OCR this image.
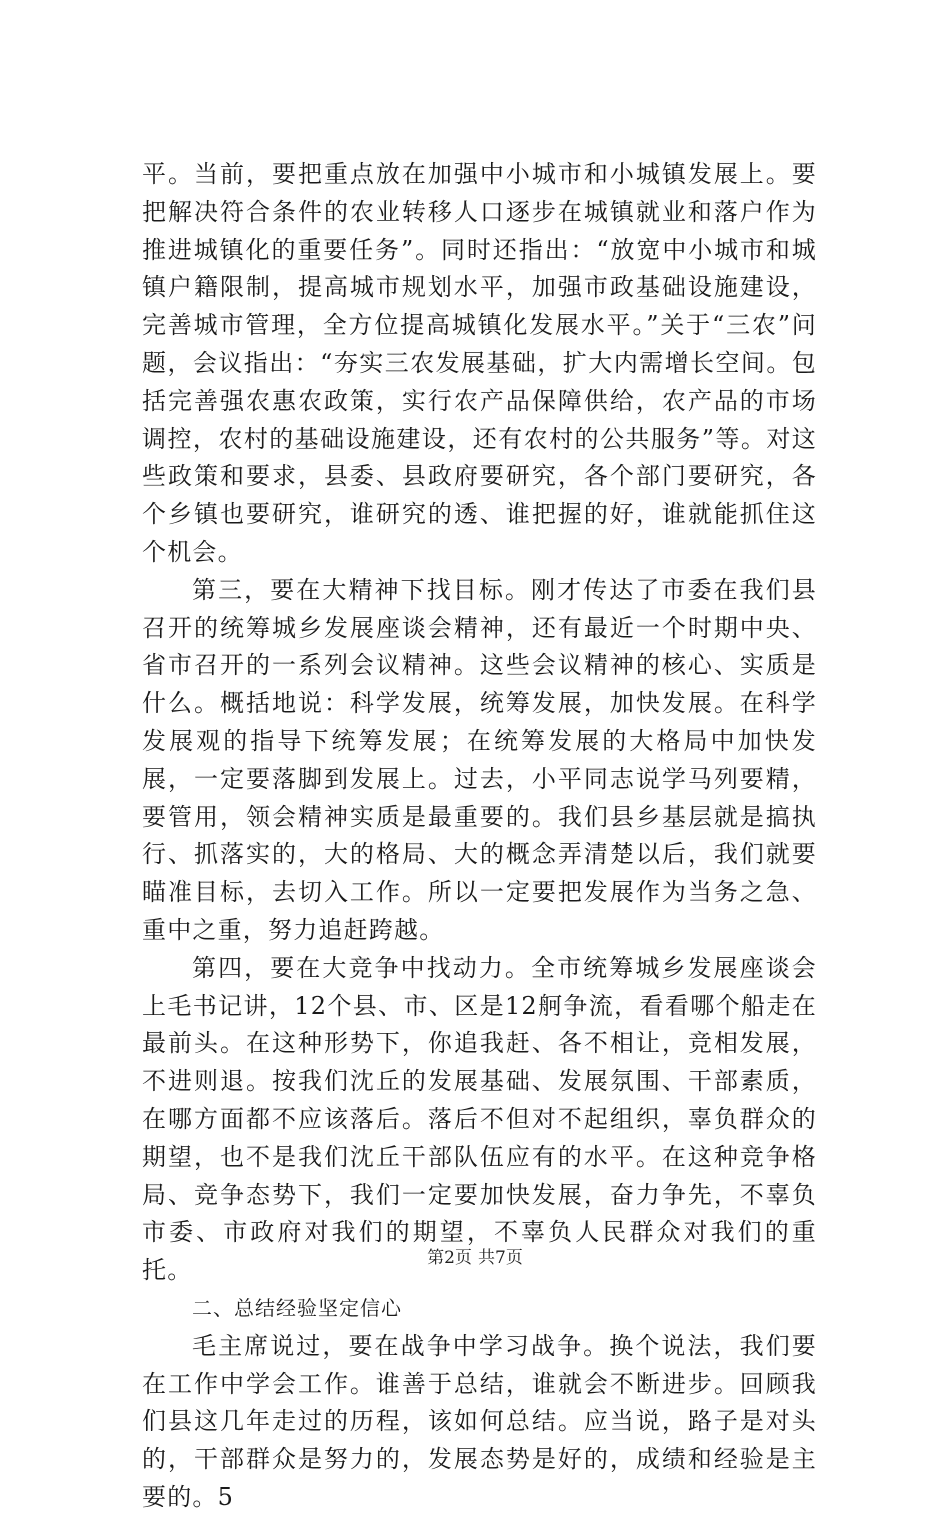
平。当前，要把重点放在加强中小城市和小城镇发展上。要把解决符合条件的农业转移人口逐步在城镇就业和落户作为推进城镇化的重要任务”。同时还指出：“放宽中小城市和城镇户籍限制，提高城市规划水平，加强市政基础设施建设，完善城市管理，全方位提高城镇化发展水平。”关于“三农”问题，会议指出：“夯实三农发展基础，扩大内需增长空间。包括完善强农惠农政策，实行农产品保障供给，农产品的市场调控，农村的基础设施建设，还有农村的公共服务”等。对这些政策和要求，县委、县政府要研究，各个部门要研究，各个乡镇也要研究，谁研究的透、谁把握的好，谁就能抓住这个机会。

第三，要在大精神下找目标。刚才传达了市委在我们县召开的统筹城乡发展座谈会精神，还有最近一个时期中央、省市召开的一系列会议精神。这些会议精神的核心、实质是什么。概括地说：科学发展，统筹发展，加快发展。在科学发展观的指导下统筹发展；在统筹发展的大格局中加快发展，一定要落脚到发展上。过去，小平同志说学马列要精，要管用，领会精神实质是最重要的。我们县乡基层就是搞执行、抓落实的，大的格局、大的概念弄清楚以后，我们就要瞄准目标，去切入工作。所以一定要把发展作为当务之急、重中之重，努力追赶跨越。

第四，要在大竞争中找动力。全市统筹城乡发展座谈会上毛书记讲，12个县、市、区是12舸争流，看看哪个船走在最前头。在这种形势下，你追我赶、各不相让，竞相发展，不进则退。按我们沈丘的发展基础、发展氛围、干部素质，在哪方面都不应该落后。落后不但对不起组织，辜负群众的期望，也不是我们沈丘干部队伍应有的水平。在这种竞争格局、竞争态势下，我们一定要加快发展，奋力争先，不辜负市委、市政府对我们的期望，不辜负人民群众对我们的重托。

二、总结经验坚定信心

毛主席说过，要在战争中学习战争。换个说法，我们要在工作中学会工作。谁善于总结，谁就会不断进步。回顾我们县这几年走过的历程，该如何总结。应当说，路子是对头的，干部群众是努力的，发展态势是好的，成绩和经验是主要的。5

第2页 共7页
